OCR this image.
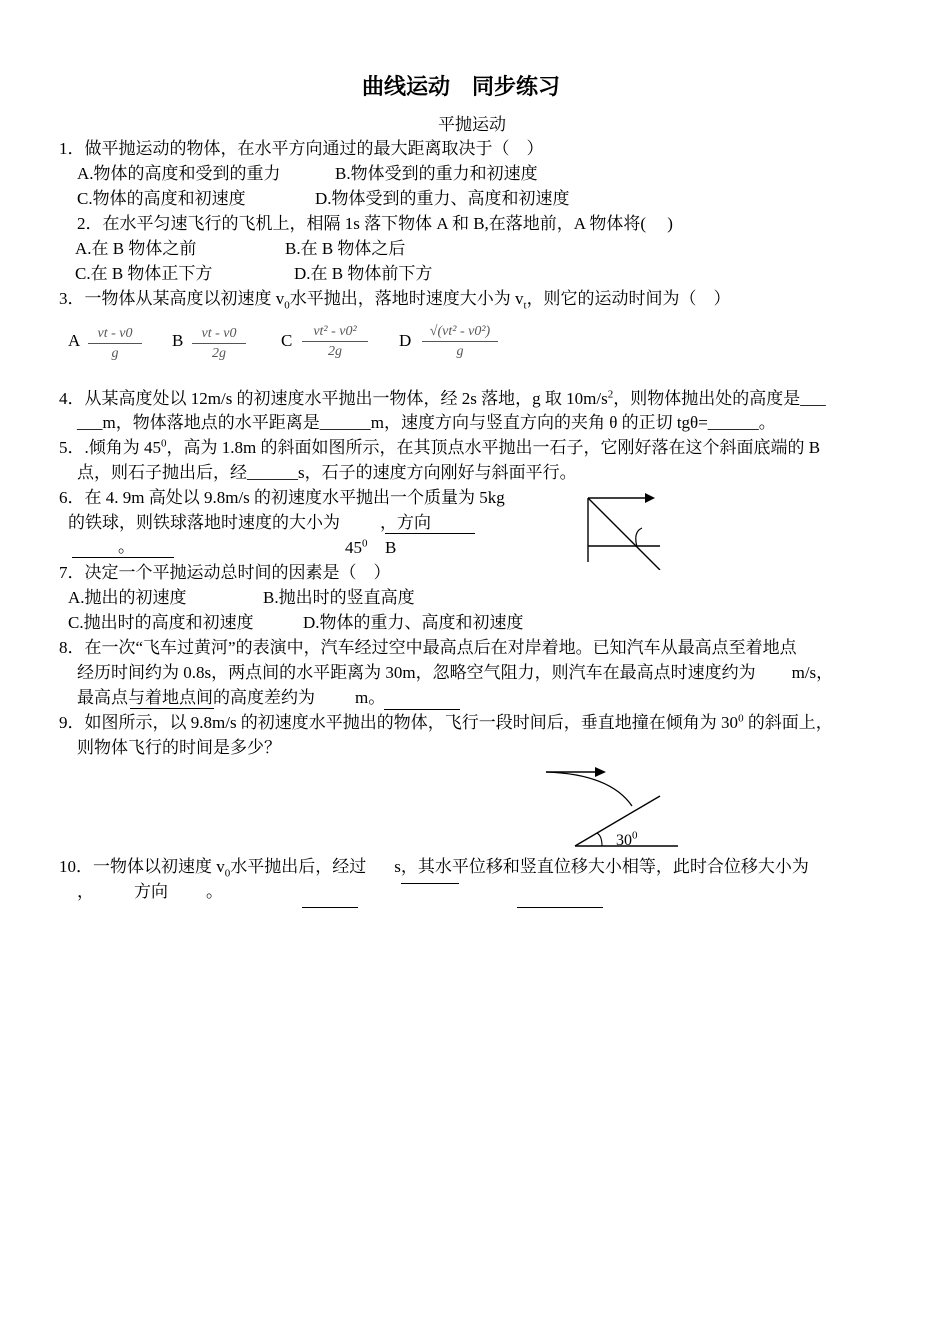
曲线运动　同步练习
平抛运动
1．做平抛运动的物体，在水平方向通过的最大距离取决于（　）
A.物体的高度和受到的重力	B.物体受到的重力和初速度
C.物体的高度和初速度	D.物体受到的重力、高度和初速度
2．在水平匀速飞行的飞机上，相隔 1s 落下物体 A 和 B,在落地前，A 物体将(　 )
A.在 B 物体之前	B.在 B 物体之后
C.在 B 物体正下方	D.在 B 物体前下方
3．一物体从某高度以初速度 $v_0$水平抛出，落地时速度大小为 $v_t$，则它的运动时间为（　）
A $\frac{vt - v0}{g}$ B $\frac{vt - v0}{2g}$ C $\frac{\text{vt² - v0²}}{2g}$ D $\frac{\text{√(vt² - v0²)}}{g}$
4．从某高度处以 12m/s 的初速度水平抛出一物体，经 2s 落地，g 取 $10m/s^2$，则物体抛出处的高度是___
___m，物体落地点的水平距离是______m，速度方向与竖直方向的夹角 θ 的正切 tgθ=______。
5．.倾角为 $45^0$，高为 1.8m 的斜面如图所示，在其顶点水平抛出一石子，它刚好落在这个斜面底端的 B
点，则石子抛出后，经______s，石子的速度方向刚好与斜面平行。
6．在 4. 9m 高处以 9.8m/s 的初速度水平抛出一个质量为 5kg
的铁球，则铁球落地时速度的大小为 ，方向
。	$45^0$ B
7．决定一个平抛运动总时间的因素是（　）
A.抛出的初速度	B.抛出时的竖直高度
C.抛出时的高度和初速度	D.物体的重力、高度和初速度
8．在一次“飞车过黄河”的表演中，汽车经过空中最高点后在对岸着地。已知汽车从最高点至着地点
经历时间约为 0.8s，两点间的水平距离为 30m，忽略空气阻力，则汽车在最高点时速度约为 m/s，
最高点与着地点间的高度差约为 m。
9．如图所示，以 9.8m/s 的初速度水平抛出的物体，飞行一段时间后，垂直地撞在倾角为 $30^0$ 的斜面上，
则物体飞行的时间是多少？
$30^0$
10．一物体以初速度 $v_0$水平抛出后，经过 s，其水平位移和竖直位移大小相等，此时合位移大小为
， 方向 。
